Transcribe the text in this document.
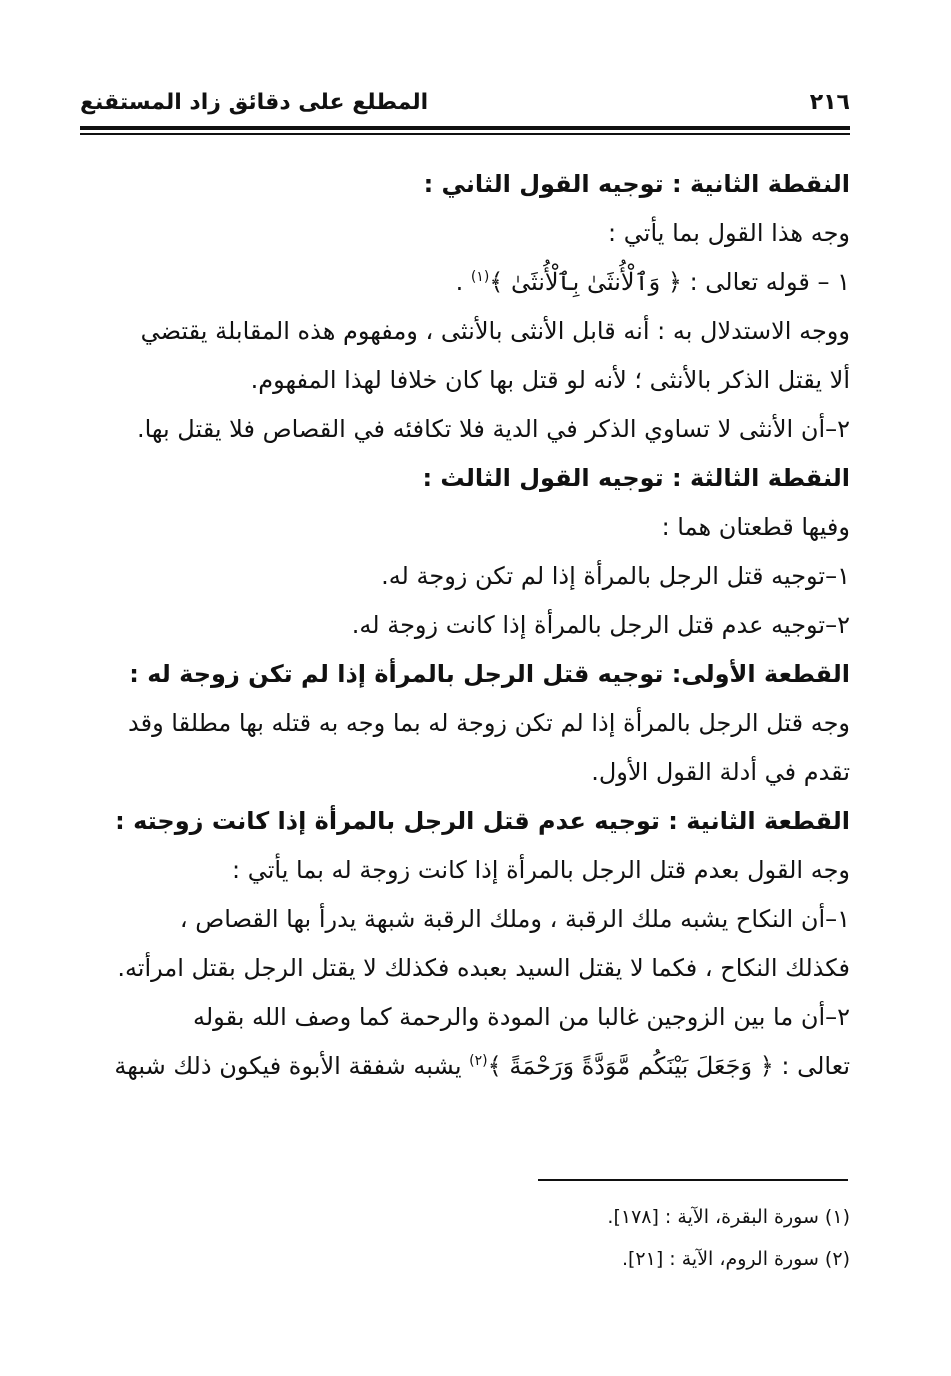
٢١٦
المطلع على دقائق زاد المستقنع

النقطة الثانية : توجيه القول الثاني :

وجه هذا القول بما يأتي :

١ – قوله تعالى : ﴿ وَٱلْأُنثَىٰ بِٱلْأُنثَىٰ ﴾$^{(١)}$ .

ووجه الاستدلال به : أنه قابل الأنثى بالأنثى ، ومفهوم هذه المقابلة يقتضي

ألا يقتل الذكر بالأنثى ؛ لأنه لو قتل بها كان خلافا لهذا المفهوم.

٢–أن الأنثى لا تساوي الذكر في الدية فلا تكافئه في القصاص فلا يقتل بها.

النقطة الثالثة : توجيه القول الثالث :

وفيها قطعتان هما :

١–توجيه قتل الرجل بالمرأة إذا لم تكن زوجة له.

٢–توجيه عدم قتل الرجل بالمرأة إذا كانت زوجة له.

القطعة الأولى: توجيه قتل الرجل بالمرأة إذا لم تكن زوجة له :

وجه قتل الرجل بالمرأة إذا لم تكن زوجة له بما وجه به قتله بها مطلقا وقد

تقدم في أدلة القول الأول.

القطعة الثانية : توجيه عدم قتل الرجل بالمرأة إذا كانت زوجته :

وجه القول بعدم قتل الرجل بالمرأة إذا كانت زوجة له بما يأتي :

١–أن النكاح يشبه ملك الرقبة ، وملك الرقبة شبهة يدرأ بها القصاص ،

فكذلك النكاح ، فكما لا يقتل السيد بعبده فكذلك لا يقتل الرجل بقتل امرأته.

٢–أن ما بين الزوجين غالبا من المودة والرحمة كما وصف الله بقوله

تعالى : ﴿ وَجَعَلَ بَيْنَكُم مَّوَدَّةً وَرَحْمَةً ﴾$^{(٢)}$ يشبه شفقة الأبوة فيكون ذلك شبهة

(١) سورة البقرة، الآية : [١٧٨].

(٢) سورة الروم، الآية : [٢١].
